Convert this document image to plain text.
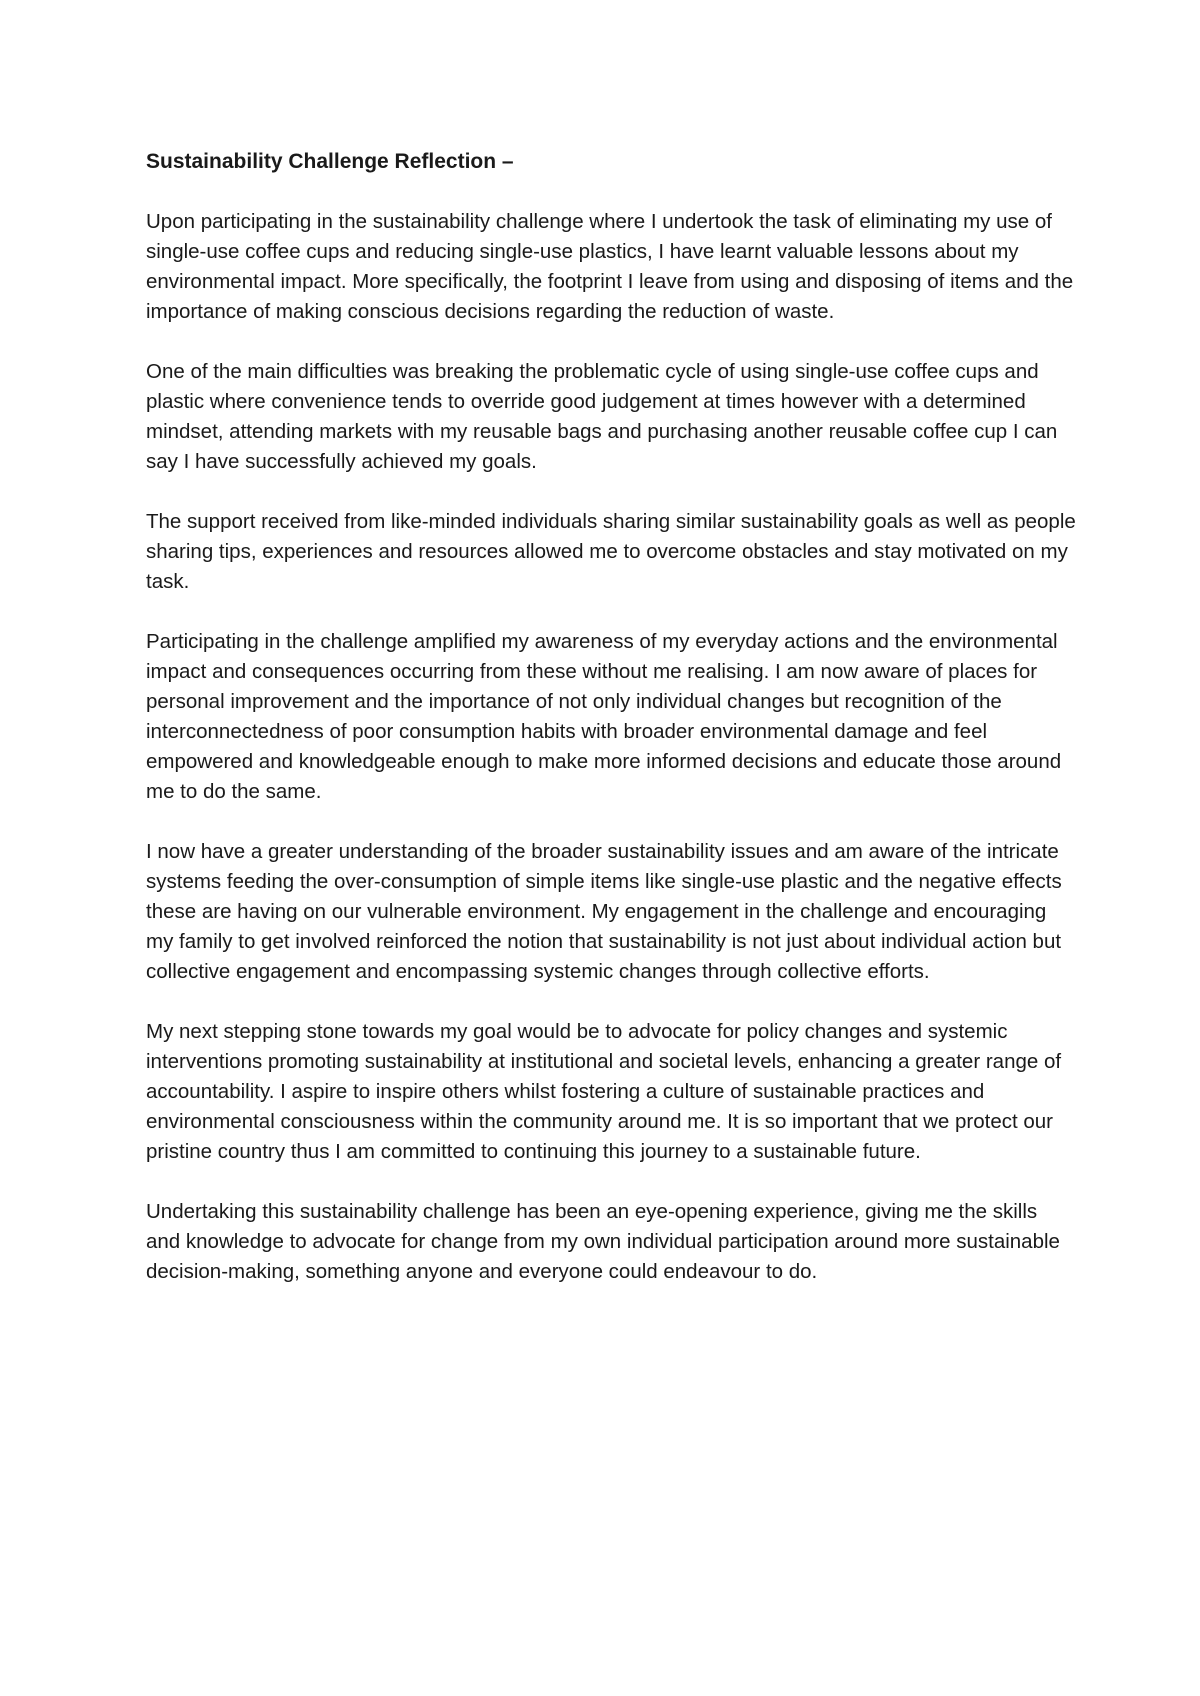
Sustainability Challenge Reflection –

Upon participating in the sustainability challenge where I undertook the task of eliminating my use of single-use coffee cups and reducing single-use plastics, I have learnt valuable lessons about my environmental impact. More specifically, the footprint I leave from using and disposing of items and the importance of making conscious decisions regarding the reduction of waste.

One of the main difficulties was breaking the problematic cycle of using single-use coffee cups and plastic where convenience tends to override good judgement at times however with a determined mindset, attending markets with my reusable bags and purchasing another reusable coffee cup I can say I have successfully achieved my goals.

The support received from like-minded individuals sharing similar sustainability goals as well as people sharing tips, experiences and resources allowed me to overcome obstacles and stay motivated on my task.

Participating in the challenge amplified my awareness of my everyday actions and the environmental impact and consequences occurring from these without me realising. I am now aware of places for personal improvement and the importance of not only individual changes but recognition of the interconnectedness of poor consumption habits with broader environmental damage and feel empowered and knowledgeable enough to make more informed decisions and educate those around me to do the same.

I now have a greater understanding of the broader sustainability issues and am aware of the intricate systems feeding the over-consumption of simple items like single-use plastic and the negative effects these are having on our vulnerable environment. My engagement in the challenge and encouraging my family to get involved reinforced the notion that sustainability is not just about individual action but collective engagement and encompassing systemic changes through collective efforts.

My next stepping stone towards my goal would be to advocate for policy changes and systemic interventions promoting sustainability at institutional and societal levels, enhancing a greater range of accountability. I aspire to inspire others whilst fostering a culture of sustainable practices and environmental consciousness within the community around me. It is so important that we protect our pristine country thus I am committed to continuing this journey to a sustainable future.

Undertaking this sustainability challenge has been an eye-opening experience, giving me the skills and knowledge to advocate for change from my own individual participation around more sustainable decision-making, something anyone and everyone could endeavour to do.
